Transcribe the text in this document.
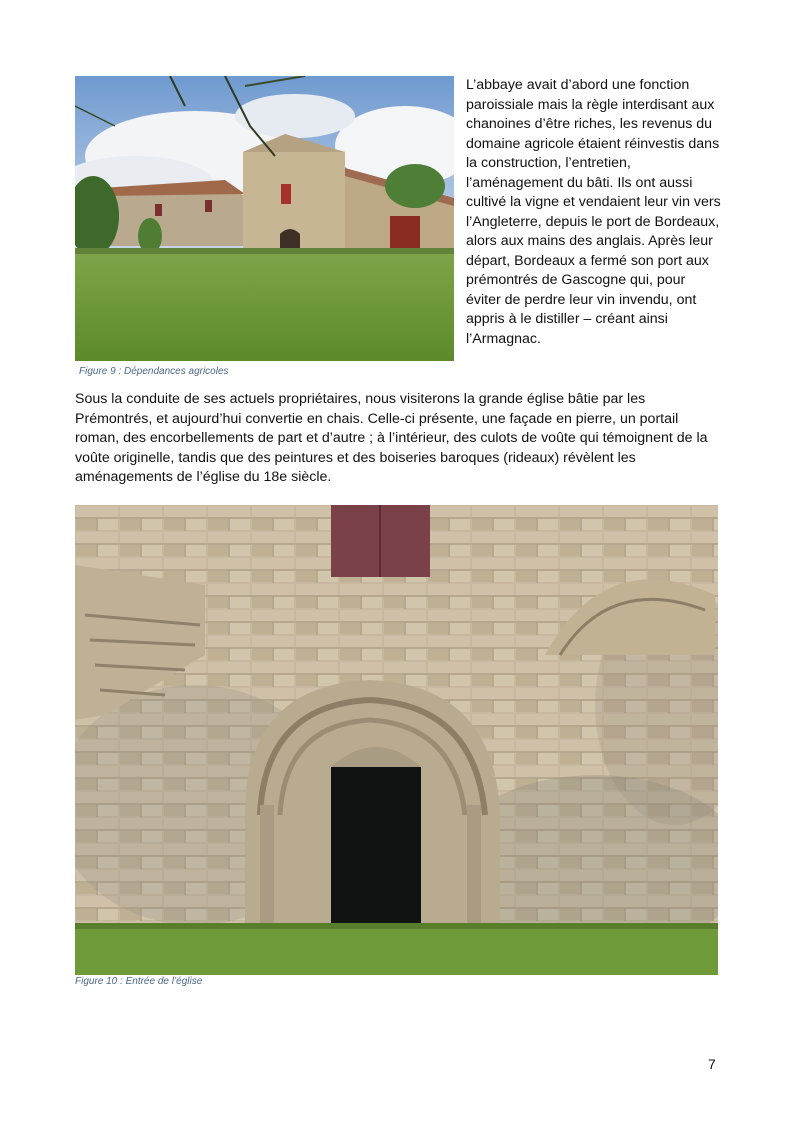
Figure 9 : Dépendances agricoles
L’abbaye avait d’abord une fonction paroissiale mais la règle interdisant aux chanoines d’être riches, les revenus du domaine agricole étaient réinvestis dans la construction, l’entretien, l’aménagement du bâti. Ils ont aussi cultivé la vigne et vendaient leur vin vers l’Angleterre, depuis le port de Bordeaux, alors aux mains des anglais. Après leur départ, Bordeaux a fermé son port aux prémontrés de Gascogne qui, pour éviter de perdre leur vin invendu, ont appris à le distiller – créant ainsi l’Armagnac.
Sous la conduite de ses actuels propriétaires, nous visiterons la grande église bâtie par les Prémontrés, et aujourd’hui convertie en chais. Celle-ci présente, une façade en pierre, un portail roman, des encorbellements de part et d’autre ; à l’intérieur, des culots de voûte qui témoignent de la voûte originelle, tandis que des peintures et des boiseries baroques (rideaux) révèlent les aménagements de l’église du 18e siècle.
Figure 10 : Entrée de l’église
7
